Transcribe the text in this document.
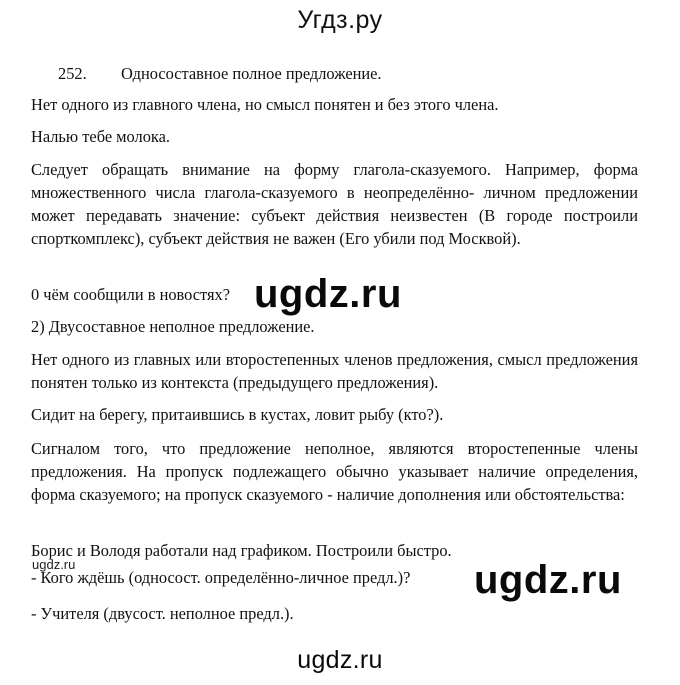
Угдз.ру
252. Односоставное полное предложение.
Нет одного из главного члена, но смысл понятен и без этого члена.
Налью тебе молока.
Следует обращать внимание на форму глагола-сказуемого. Например, форма множественного числа глагола-сказуемого в неопределённо- личном предложении может передавать значение: субъект действия неизвестен (В городе построили спорткомплекс), субъект действия не важен (Его убили под Москвой).
0 чём сообщили в новостях?
2) Двусоставное неполное предложение.
Нет одного из главных или второстепенных членов предложения, смысл предложения понятен только из контекста (предыдущего предложения).
Сидит на берегу, притаившись в кустах, ловит рыбу (кто?).
Сигналом того, что предложение неполное, являются второстепенные члены предложения. На пропуск подлежащего обычно указывает наличие определения, форма сказуемого; на пропуск сказуемого - наличие дополнения или обстоятельства:
Борис и Володя работали над графиком. Построили быстро.
- Кого ждёшь (односост. определённо-личное предл.)?
- Учителя (двусост. неполное предл.).
ugdz.ru
ugdz.ru
ugdz.ru
ugdz.ru
